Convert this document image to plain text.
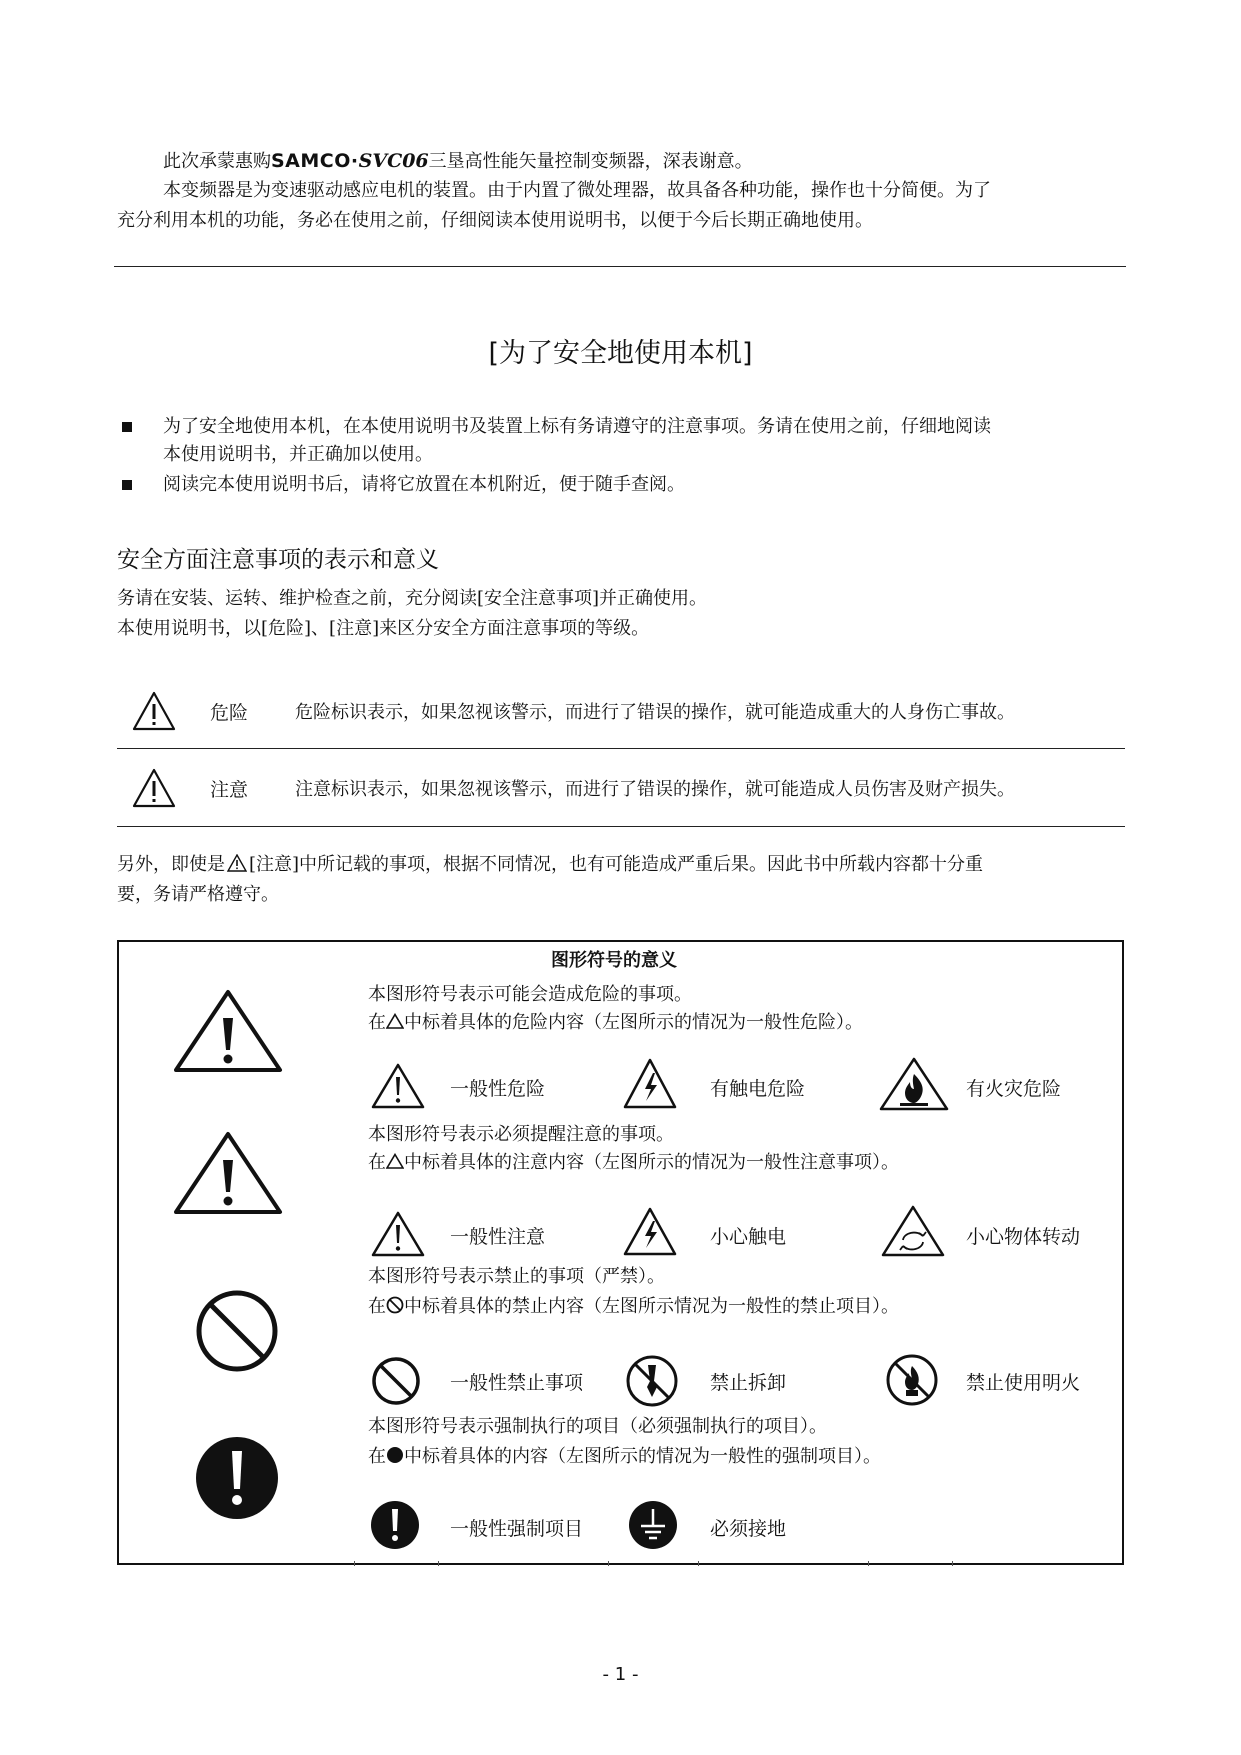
此次承蒙惠购SAMCO·SVC06三垦高性能矢量控制变频器，深表谢意。
本变频器是为变速驱动感应电机的装置。由于内置了微处理器，故具备各种功能，操作也十分简便。为了
充分利用本机的功能，务必在使用之前，仔细阅读本使用说明书，以便于今后长期正确地使用。
[为了安全地使用本机]
为了安全地使用本机，在本使用说明书及装置上标有务请遵守的注意事项。务请在使用之前，仔细地阅读
本使用说明书，并正确加以使用。
阅读完本使用说明书后，请将它放置在本机附近，便于随手查阅。
安全方面注意事项的表示和意义
务请在安装、运转、维护检查之前，充分阅读[安全注意事项]并正确使用。
本使用说明书，以[危险]、[注意]来区分安全方面注意事项的等级。
危险	危险标识表示，如果忽视该警示，而进行了错误的操作，就可能造成重大的人身伤亡事故。
注意	注意标识表示，如果忽视该警示，而进行了错误的操作，就可能造成人员伤害及财产损失。
另外，即使是 [注意]中所记载的事项，根据不同情况，也有可能造成严重后果。因此书中所载内容都十分重
要，务请严格遵守。
图形符号的意义
本图形符号表示可能会造成危险的事项。
在 中标着具体的危险内容（左图所示的情况为一般性危险）。
一般性危险	有触电危险	有火灾危险
本图形符号表示必须提醒注意的事项。
在 中标着具体的注意内容（左图所示的情况为一般性注意事项）。
一般性注意	小心触电	小心物体转动
本图形符号表示禁止的事项（严禁）。
在 中标着具体的禁止内容（左图所示情况为一般性的禁止项目）。
一般性禁止事项	禁止拆卸	禁止使用明火
本图形符号表示强制执行的项目（必须强制执行的项目）。
在 中标着具体的内容（左图所示的情况为一般性的强制项目）。
一般性强制项目	必须接地
- 1 -
